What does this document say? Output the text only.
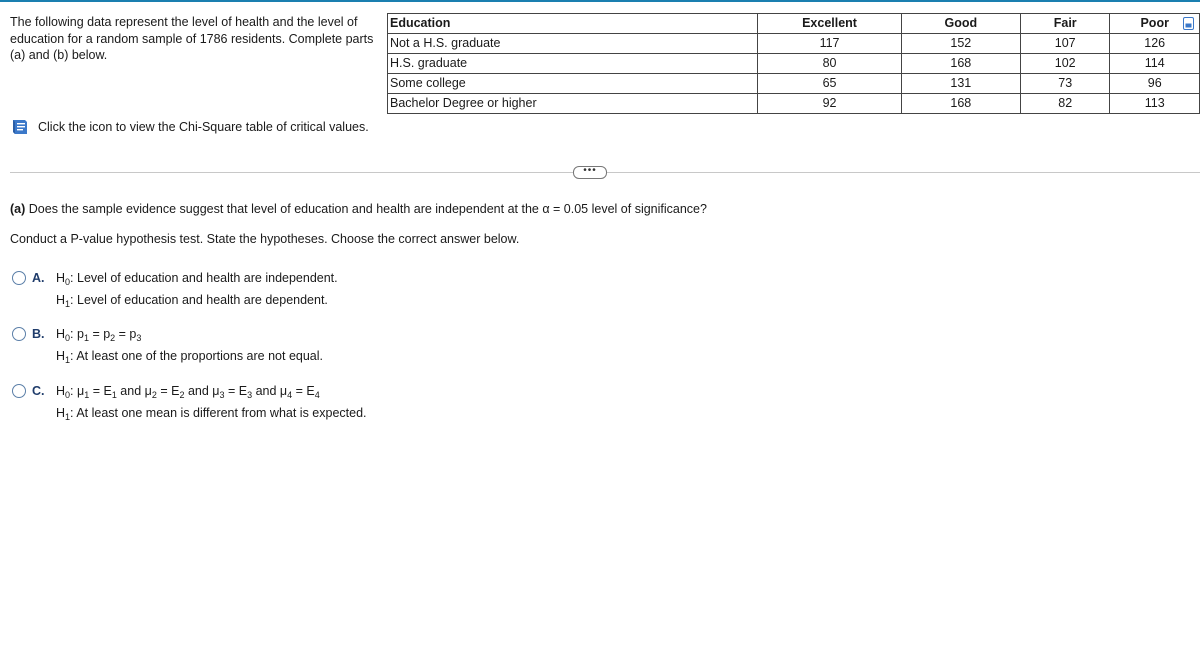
The following data represent the level of health and the level of education for a random sample of 1786 residents. Complete parts (a) and (b) below.
Education	Excellent	Good	Fair	Poor
Not a H.S. graduate	117	152	107	126
H.S. graduate	80	168	102	114
Some college	65	131	73	96
Bachelor Degree or higher	92	168	82	113
Click the icon to view the Chi-Square table of critical values.
•••
(a) Does the sample evidence suggest that level of education and health are independent at the α = 0.05 level of significance?
Conduct a P-value hypothesis test. State the hypotheses. Choose the correct answer below.
A. $H_0$: Level of education and health are independent.
$H_1$: Level of education and health are dependent.
B. $H_0$: $p_1 = p_2 = p_3$
$H_1$: At least one of the proportions are not equal.
C. $H_0$: $\mu_1 = E_1$ and $\mu_2 = E_2$ and $\mu_3 = E_3$ and $\mu_4 = E_4$
$H_1$: At least one mean is different from what is expected.
